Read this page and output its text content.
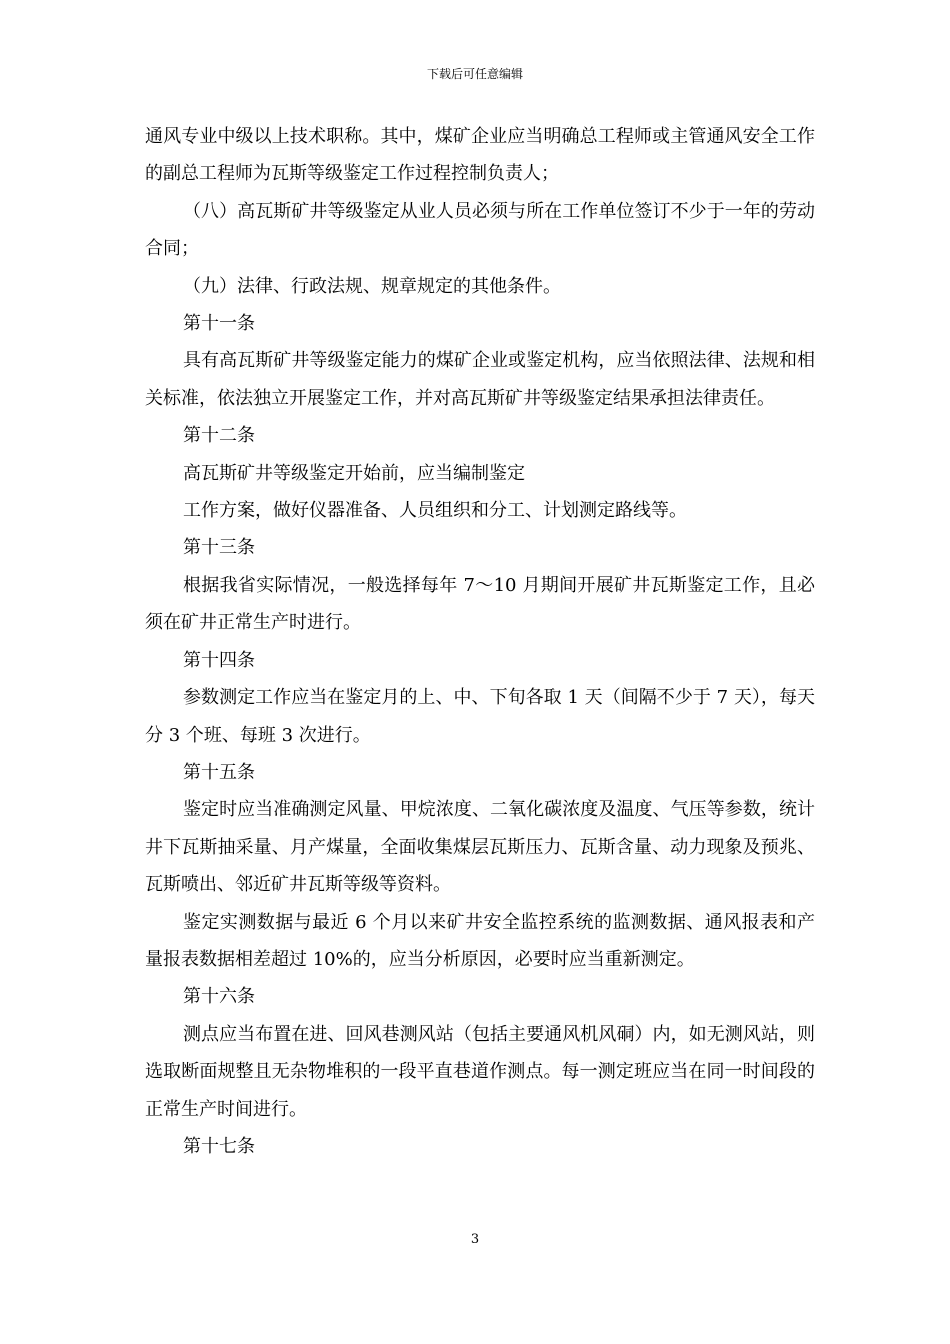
下载后可任意编辑

通风专业中级以上技术职称。其中，煤矿企业应当明确总工程师或主管通风安全工作的副总工程师为瓦斯等级鉴定工作过程控制负责人；

（八）高瓦斯矿井等级鉴定从业人员必须与所在工作单位签订不少于一年的劳动合同；

（九）法律、行政法规、规章规定的其他条件。

第十一条

具有高瓦斯矿井等级鉴定能力的煤矿企业或鉴定机构，应当依照法律、法规和相关标准，依法独立开展鉴定工作，并对高瓦斯矿井等级鉴定结果承担法律责任。

第十二条

高瓦斯矿井等级鉴定开始前，应当编制鉴定

工作方案，做好仪器准备、人员组织和分工、计划测定路线等。

第十三条

根据我省实际情况，一般选择每年 7～10 月期间开展矿井瓦斯鉴定工作，且必须在矿井正常生产时进行。

第十四条

参数测定工作应当在鉴定月的上、中、下旬各取 1 天（间隔不少于 7 天），每天分 3 个班、每班 3 次进行。

第十五条

鉴定时应当准确测定风量、甲烷浓度、二氧化碳浓度及温度、气压等参数，统计井下瓦斯抽采量、月产煤量，全面收集煤层瓦斯压力、瓦斯含量、动力现象及预兆、瓦斯喷出、邻近矿井瓦斯等级等资料。

鉴定实测数据与最近 6 个月以来矿井安全监控系统的监测数据、通风报表和产量报表数据相差超过 10%的，应当分析原因，必要时应当重新测定。

第十六条

测点应当布置在进、回风巷测风站（包括主要通风机风硐）内，如无测风站，则选取断面规整且无杂物堆积的一段平直巷道作测点。每一测定班应当在同一时间段的正常生产时间进行。

第十七条

3
